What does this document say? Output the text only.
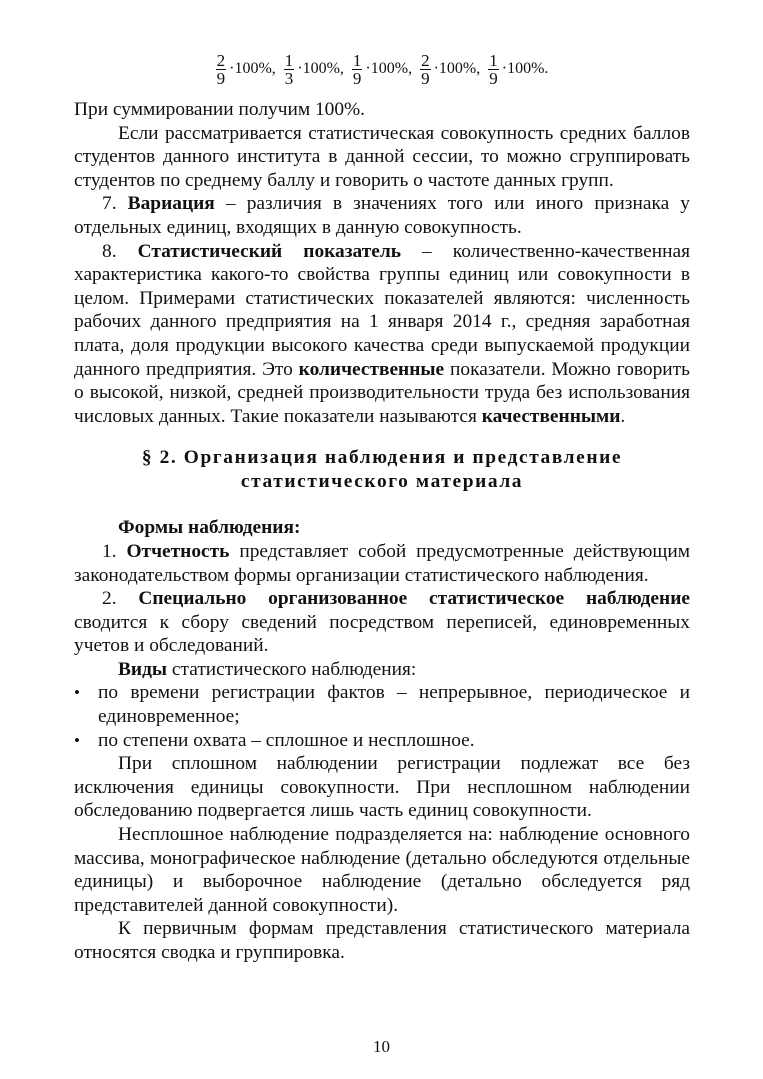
$\frac{2}{9} \cdot 100\%$, $\frac{1}{3} \cdot 100\%$, $\frac{1}{9} \cdot 100\%$, $\frac{2}{9} \cdot 100\%$, $\frac{1}{9} \cdot 100\%$.

При суммировании получим 100%.

Если рассматривается статистическая совокупность средних баллов студентов данного института в данной сессии, то можно сгруппировать студентов по среднему баллу и говорить о частоте данных групп.

7. Вариация – различия в значениях того или иного признака у отдельных единиц, входящих в данную совокупность.

8. Статистический показатель – количественно-качественная характеристика какого-то свойства группы единиц или совокупности в целом. Примерами статистических показателей являются: численность рабочих данного предприятия на 1 января 2014 г., средняя заработная плата, доля продукции высокого качества среди выпускаемой продукции данного предприятия. Это количественные показатели. Можно говорить о высокой, низкой, средней производительности труда без использования числовых данных. Такие показатели называются качественными.

§ 2. Организация наблюдения и представление
статистического материала

Формы наблюдения:

1. Отчетность представляет собой предусмотренные действующим законодательством формы организации статистического наблюдения.

2. Специально организованное статистическое наблюдение сводится к сбору сведений посредством переписей, единовременных учетов и обследований.

Виды статистического наблюдения:

• по времени регистрации фактов – непрерывное, периодическое и единовременное;
• по степени охвата – сплошное и несплошное.

При сплошном наблюдении регистрации подлежат все без исключения единицы совокупности. При несплошном наблюдении обследованию подвергается лишь часть единиц совокупности.

Несплошное наблюдение подразделяется на: наблюдение основного массива, монографическое наблюдение (детально обследуются отдельные единицы) и выборочное наблюдение (детально обследуется ряд представителей данной совокупности).

К первичным формам представления статистического материала относятся сводка и группировка.

10
